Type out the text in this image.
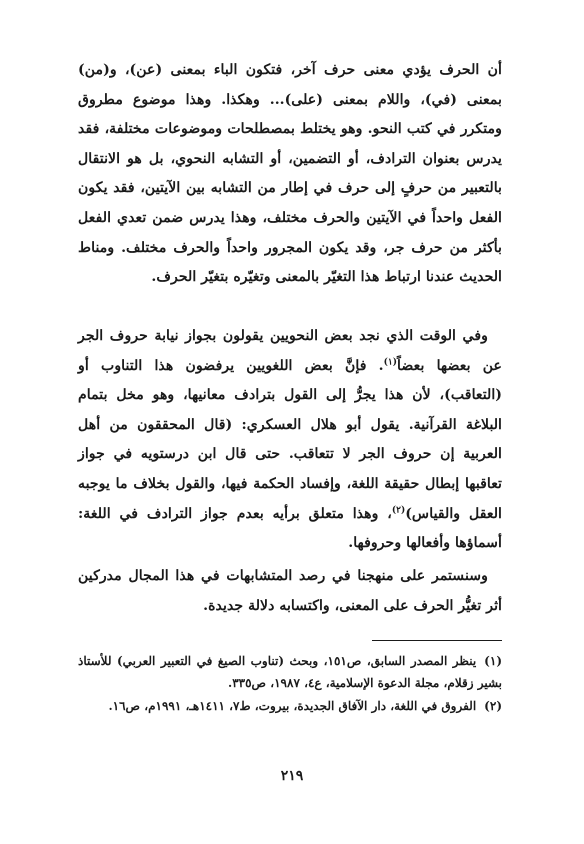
أن الحرف يؤدي معنى حرف آخر، فتكون الباء بمعنى (عن)، و(من) بمعنى (في)، واللام بمعنى (على)... وهكذا. وهذا موضوع مطروق ومتكرر في كتب النحو. وهو يختلط بمصطلحات وموضوعات مختلفة، فقد يدرس بعنوان الترادف، أو التضمين، أو التشابه النحوي، بل هو الانتقال بالتعبير من حرفٍ إلى حرف في إطار من التشابه بين الآيتين، فقد يكون الفعل واحداً في الآيتين والحرف مختلف، وهذا يدرس ضمن تعدي الفعل بأكثر من حرف جر، وقد يكون المجرور واحداً والحرف مختلف. ومناط الحديث عندنا ارتباط هذا التغيّر بالمعنى وتغيّره بتغيّر الحرف.

وفي الوقت الذي نجد بعض النحويين يقولون بجواز نيابة حروف الجر عن بعضها بعضاً$^{(١)}$. فإنَّ بعض اللغويين يرفضون هذا التناوب أو (التعاقب)، لأن هذا يجرُّ إلى القول بترادف معانيها، وهو مخل بتمام البلاغة القرآنية. يقول أبو هلال العسكري: (قال المحققون من أهل العربية إن حروف الجر لا تتعاقب. حتى قال ابن درستويه في جواز تعاقبها إبطال حقيقة اللغة، وإفساد الحكمة فيها، والقول بخلاف ما يوجبه العقل والقياس)$^{(٢)}$، وهذا متعلق برأيه بعدم جواز الترادف في اللغة: أسماؤها وأفعالها وحروفها.

وسنستمر على منهجنا في رصد المتشابهات في هذا المجال مدركين أثر تغيُّر الحرف على المعنى، واكتسابه دلالة جديدة.

(١)ينظر المصدر السابق، ص١٥١، وبحث (تناوب الصيغ في التعبير العربي) للأستاذ بشير زقلام، مجلة الدعوة الإسلامية، ع٤، ١٩٨٧، ص٣٣٥.

(٢)الفروق في اللغة، دار الآفاق الجديدة، بيروت، ط٧، ١٤١١هـ، ١٩٩١م، ص١٦.

٢١٩
